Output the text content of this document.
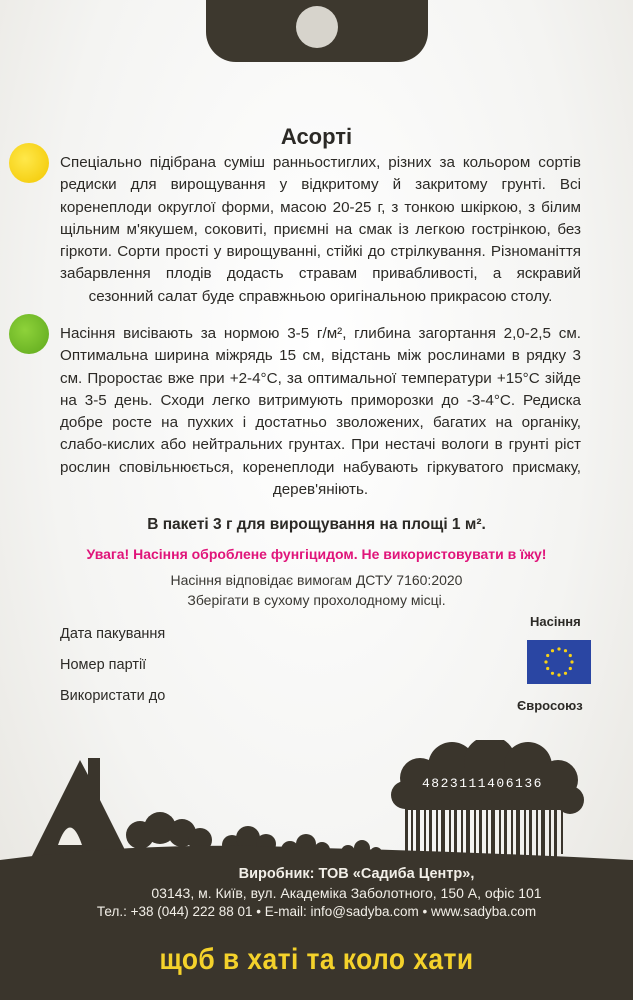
Асорті
Спеціально підібрана суміш ранньостиглих, різних за кольором сортів редиски для вирощування у відкритому й закритому грунті. Всі коренеплоди округлої форми, масою 20-25 г, з тонкою шкіркою, з білим щільним м'якушем, соковиті, приємні на смак із легкою гострінкою, без гіркоти. Сорти прості у вирощуванні, стійкі до стрілкування. Різноманіття забарвлення плодів додасть стравам привабливості, а яскравий сезонний салат буде справжньою оригінальною прикрасою столу.
Насіння висівають за нормою 3-5 г/м², глибина загортання 2,0-2,5 см. Оптимальна ширина міжрядь 15 см, відстань між рослинами в рядку 3 см. Проростає вже при +2-4°С, за оптимальної температури +15°С зійде на 3-5 день. Сходи легко витримують приморозки до -3-4°С. Редиска добре росте на пухких і достатньо зволожених, багатих на органіку, слабо-кислих або нейтральних грунтах. При нестачі вологи в грунті ріст рослин сповільнюється, коренеплоди набувають гіркуватого присмаку, дерев'яніють.
В пакеті 3 г для вирощування на площі 1 м².
Увага! Насіння оброблене фунгіцидом. Не використовувати в їжу!
Насіння відповідає вимогам ДСТУ 7160:2020
Зберігати в сухому прохолодному місці.
Дата пакування
Номер партії
Використати до
Насіння
Євросоюз
4823111406136
Виробник: ТОВ «Садиба Центр»,
03143, м. Київ, вул. Академіка Заболотного, 150 А, офіс 101
Тел.: +38 (044) 222 88 01 • E-mail: info@sadyba.com • www.sadyba.com
щоб в хаті та коло хати
